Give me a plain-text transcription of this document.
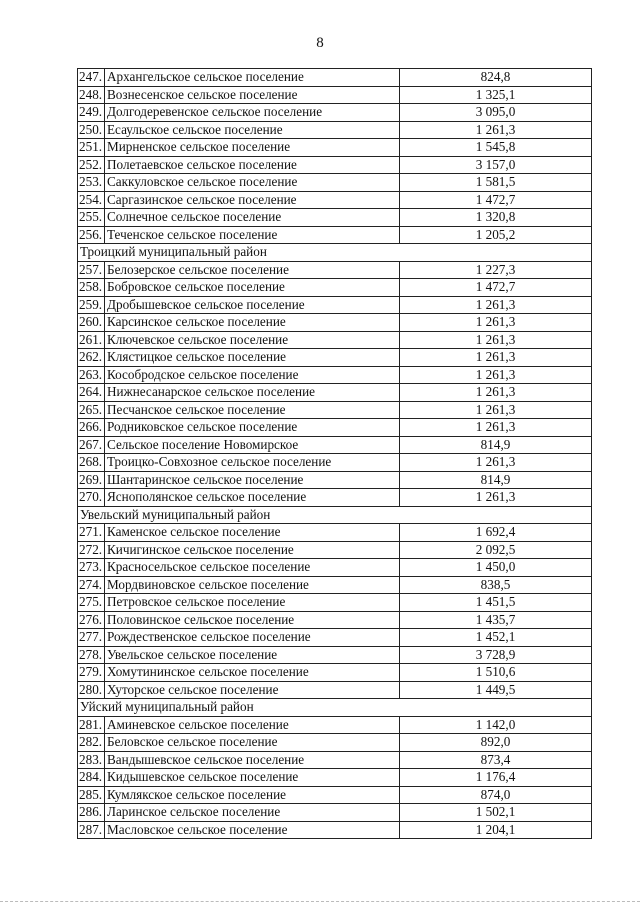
8
247.	Архангельское сельское поселение	824,8
248.	Вознесенское сельское поселение	1 325,1
249.	Долгодеревенское сельское поселение	3 095,0
250.	Есаульское сельское поселение	1 261,3
251.	Мирненское сельское поселение	1 545,8
252.	Полетаевское сельское поселение	3 157,0
253.	Саккуловское сельское поселение	1 581,5
254.	Саргазинское сельское поселение	1 472,7
255.	Солнечное сельское поселение	1 320,8
256.	Теченское сельское поселение	1 205,2
Троицкий муниципальный район		
257.	Белозерское сельское поселение	1 227,3
258.	Бобровское сельское поселение	1 472,7
259.	Дробышевское сельское поселение	1 261,3
260.	Карсинское сельское поселение	1 261,3
261.	Ключевское сельское поселение	1 261,3
262.	Клястицкое сельское поселение	1 261,3
263.	Кособродское сельское поселение	1 261,3
264.	Нижнесанарское сельское поселение	1 261,3
265.	Песчанское сельское поселение	1 261,3
266.	Родниковское сельское поселение	1 261,3
267.	Сельское поселение Новомирское	814,9
268.	Троицко-Совхозное сельское поселение	1 261,3
269.	Шантаринское сельское поселение	814,9
270.	Яснополянское сельское поселение	1 261,3
Увельский муниципальный район		
271.	Каменское сельское поселение	1 692,4
272.	Кичигинское сельское поселение	2 092,5
273.	Красносельское сельское поселение	1 450,0
274.	Мордвиновское сельское поселение	838,5
275.	Петровское сельское поселение	1 451,5
276.	Половинское сельское поселение	1 435,7
277.	Рождественское сельское поселение	1 452,1
278.	Увельское сельское поселение	3 728,9
279.	Хомутининское сельское поселение	1 510,6
280.	Хуторское сельское поселение	1 449,5
Уйский муниципальный район		
281.	Аминевское сельское поселение	1 142,0
282.	Беловское сельское поселение	892,0
283.	Вандышевское сельское поселение	873,4
284.	Кидышевское сельское поселение	1 176,4
285.	Кумлякское сельское поселение	874,0
286.	Ларинское сельское поселение	1 502,1
287.	Масловское сельское поселение	1 204,1
